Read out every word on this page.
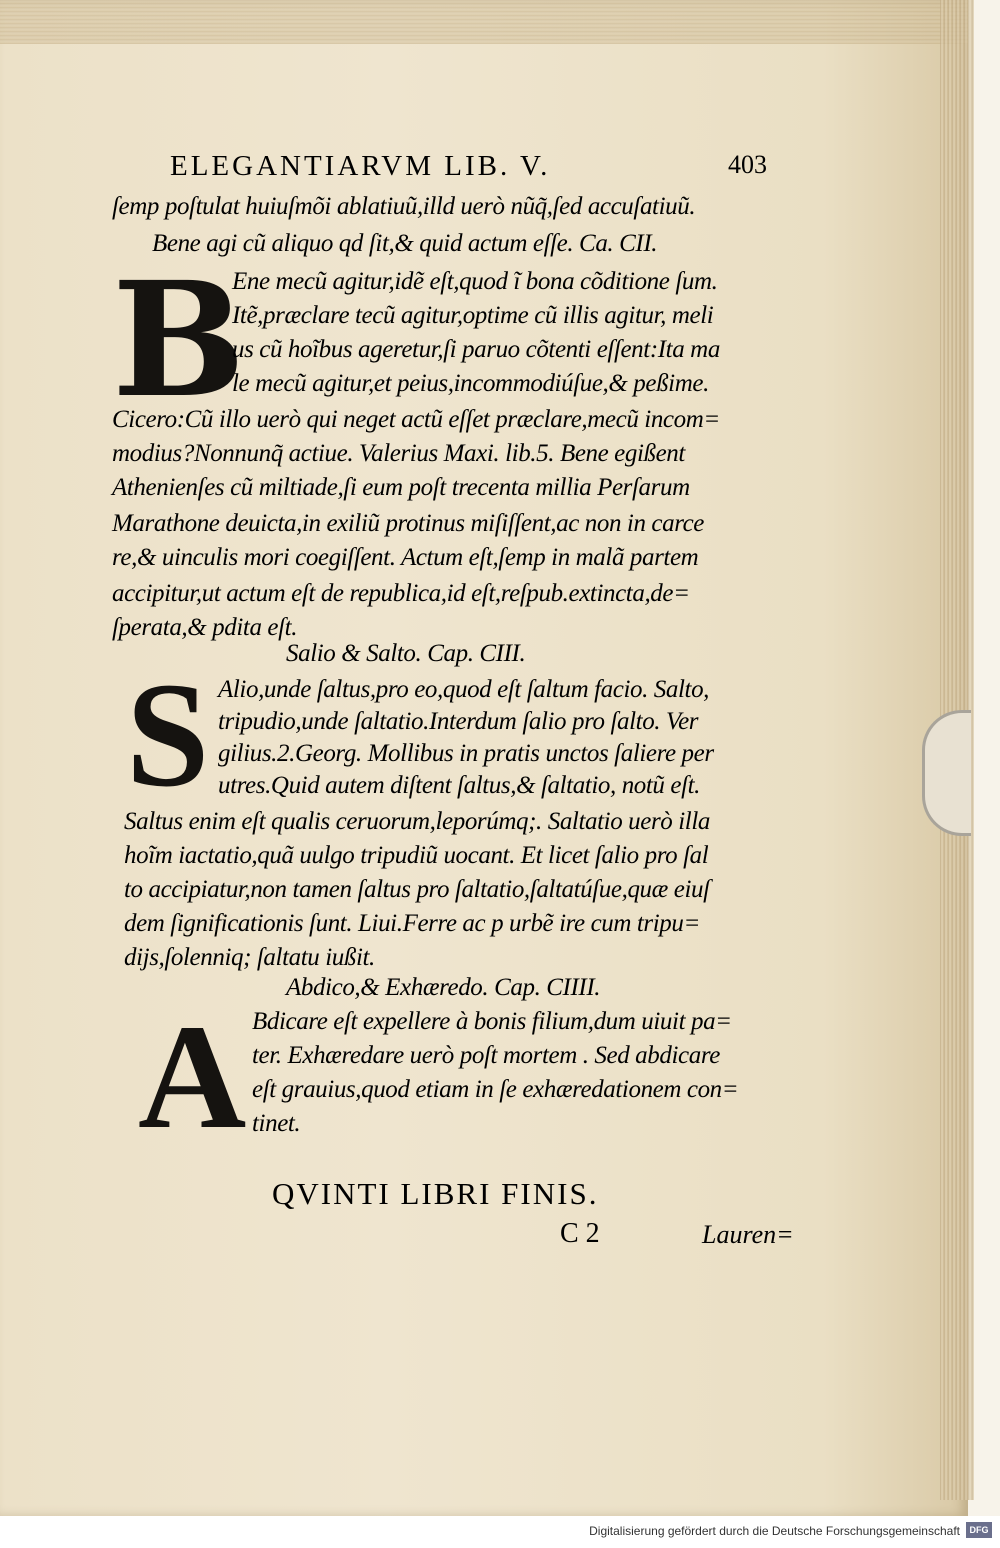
ELEGANTIARVM LIB. V.	403
B
S
A
ſemp poſtulat huiuſmõi ablatiuũ,illd uerò nũq̃,ſed accuſatiuũ.
Bene agi cũ aliquo qd ſit,& quid actum eſſe. Ca. CII.
Ene mecũ agitur,idẽ eſt,quod ĩ bona cõditione ſum.
Itẽ,præclare tecũ agitur,optime cũ illis agitur, meli
us cũ hoĩbus ageretur,ſi paruo cõtenti eſſent:Ita ma
le mecũ agitur,et peius,incommodiúſue,& peßime.
Cicero:Cũ illo uerò qui neget actũ eſſet præclare,mecũ incom=
modius?Nonnunq̃ actiue. Valerius Maxi. lib.5. Bene egißent
Athenienſes cũ miltiade,ſi eum poſt trecenta millia Perſarum
Marathone deuicta,in exiliũ protinus miſiſſent,ac non in carce
re,& uinculis mori coegiſſent. Actum eſt,ſemp in malã partem
accipitur,ut actum eſt de republica,id eſt,reſpub.extincta,de=
ſperata,& pdita eſt.
Salio & Salto. Cap. CIII.
Alio,unde ſaltus,pro eo,quod eſt ſaltum facio. Salto,
tripudio,unde ſaltatio.Interdum ſalio pro ſalto. Ver
gilius.2.Georg. Mollibus in pratis unctos ſaliere per
utres.Quid autem diſtent ſaltus,& ſaltatio, notũ eſt.
Saltus enim eſt qualis ceruorum,leporúmq;. Saltatio uerò illa
hoĩm iactatio,quã uulgo tripudiũ uocant. Et licet ſalio pro ſal
to accipiatur,non tamen ſaltus pro ſaltatio,ſaltatúſue,quæ eiuſ
dem ſignificationis ſunt. Liui.Ferre ac p urbẽ ire cum tripu=
dijs,ſolenniq; ſaltatu iußit.
Abdico,& Exhæredo. Cap. CIIII.
Bdicare eſt expellere à bonis filium,dum uiuit pa=
ter. Exhæredare uerò poſt mortem . Sed abdicare
eſt grauius,quod etiam in ſe exhæredationem con=
tinet.
QVINTI LIBRI FINIS.
C 2	Lauren=
Digitalisierung gefördert durch die Deutsche Forschungsgemeinschaft	DFG
